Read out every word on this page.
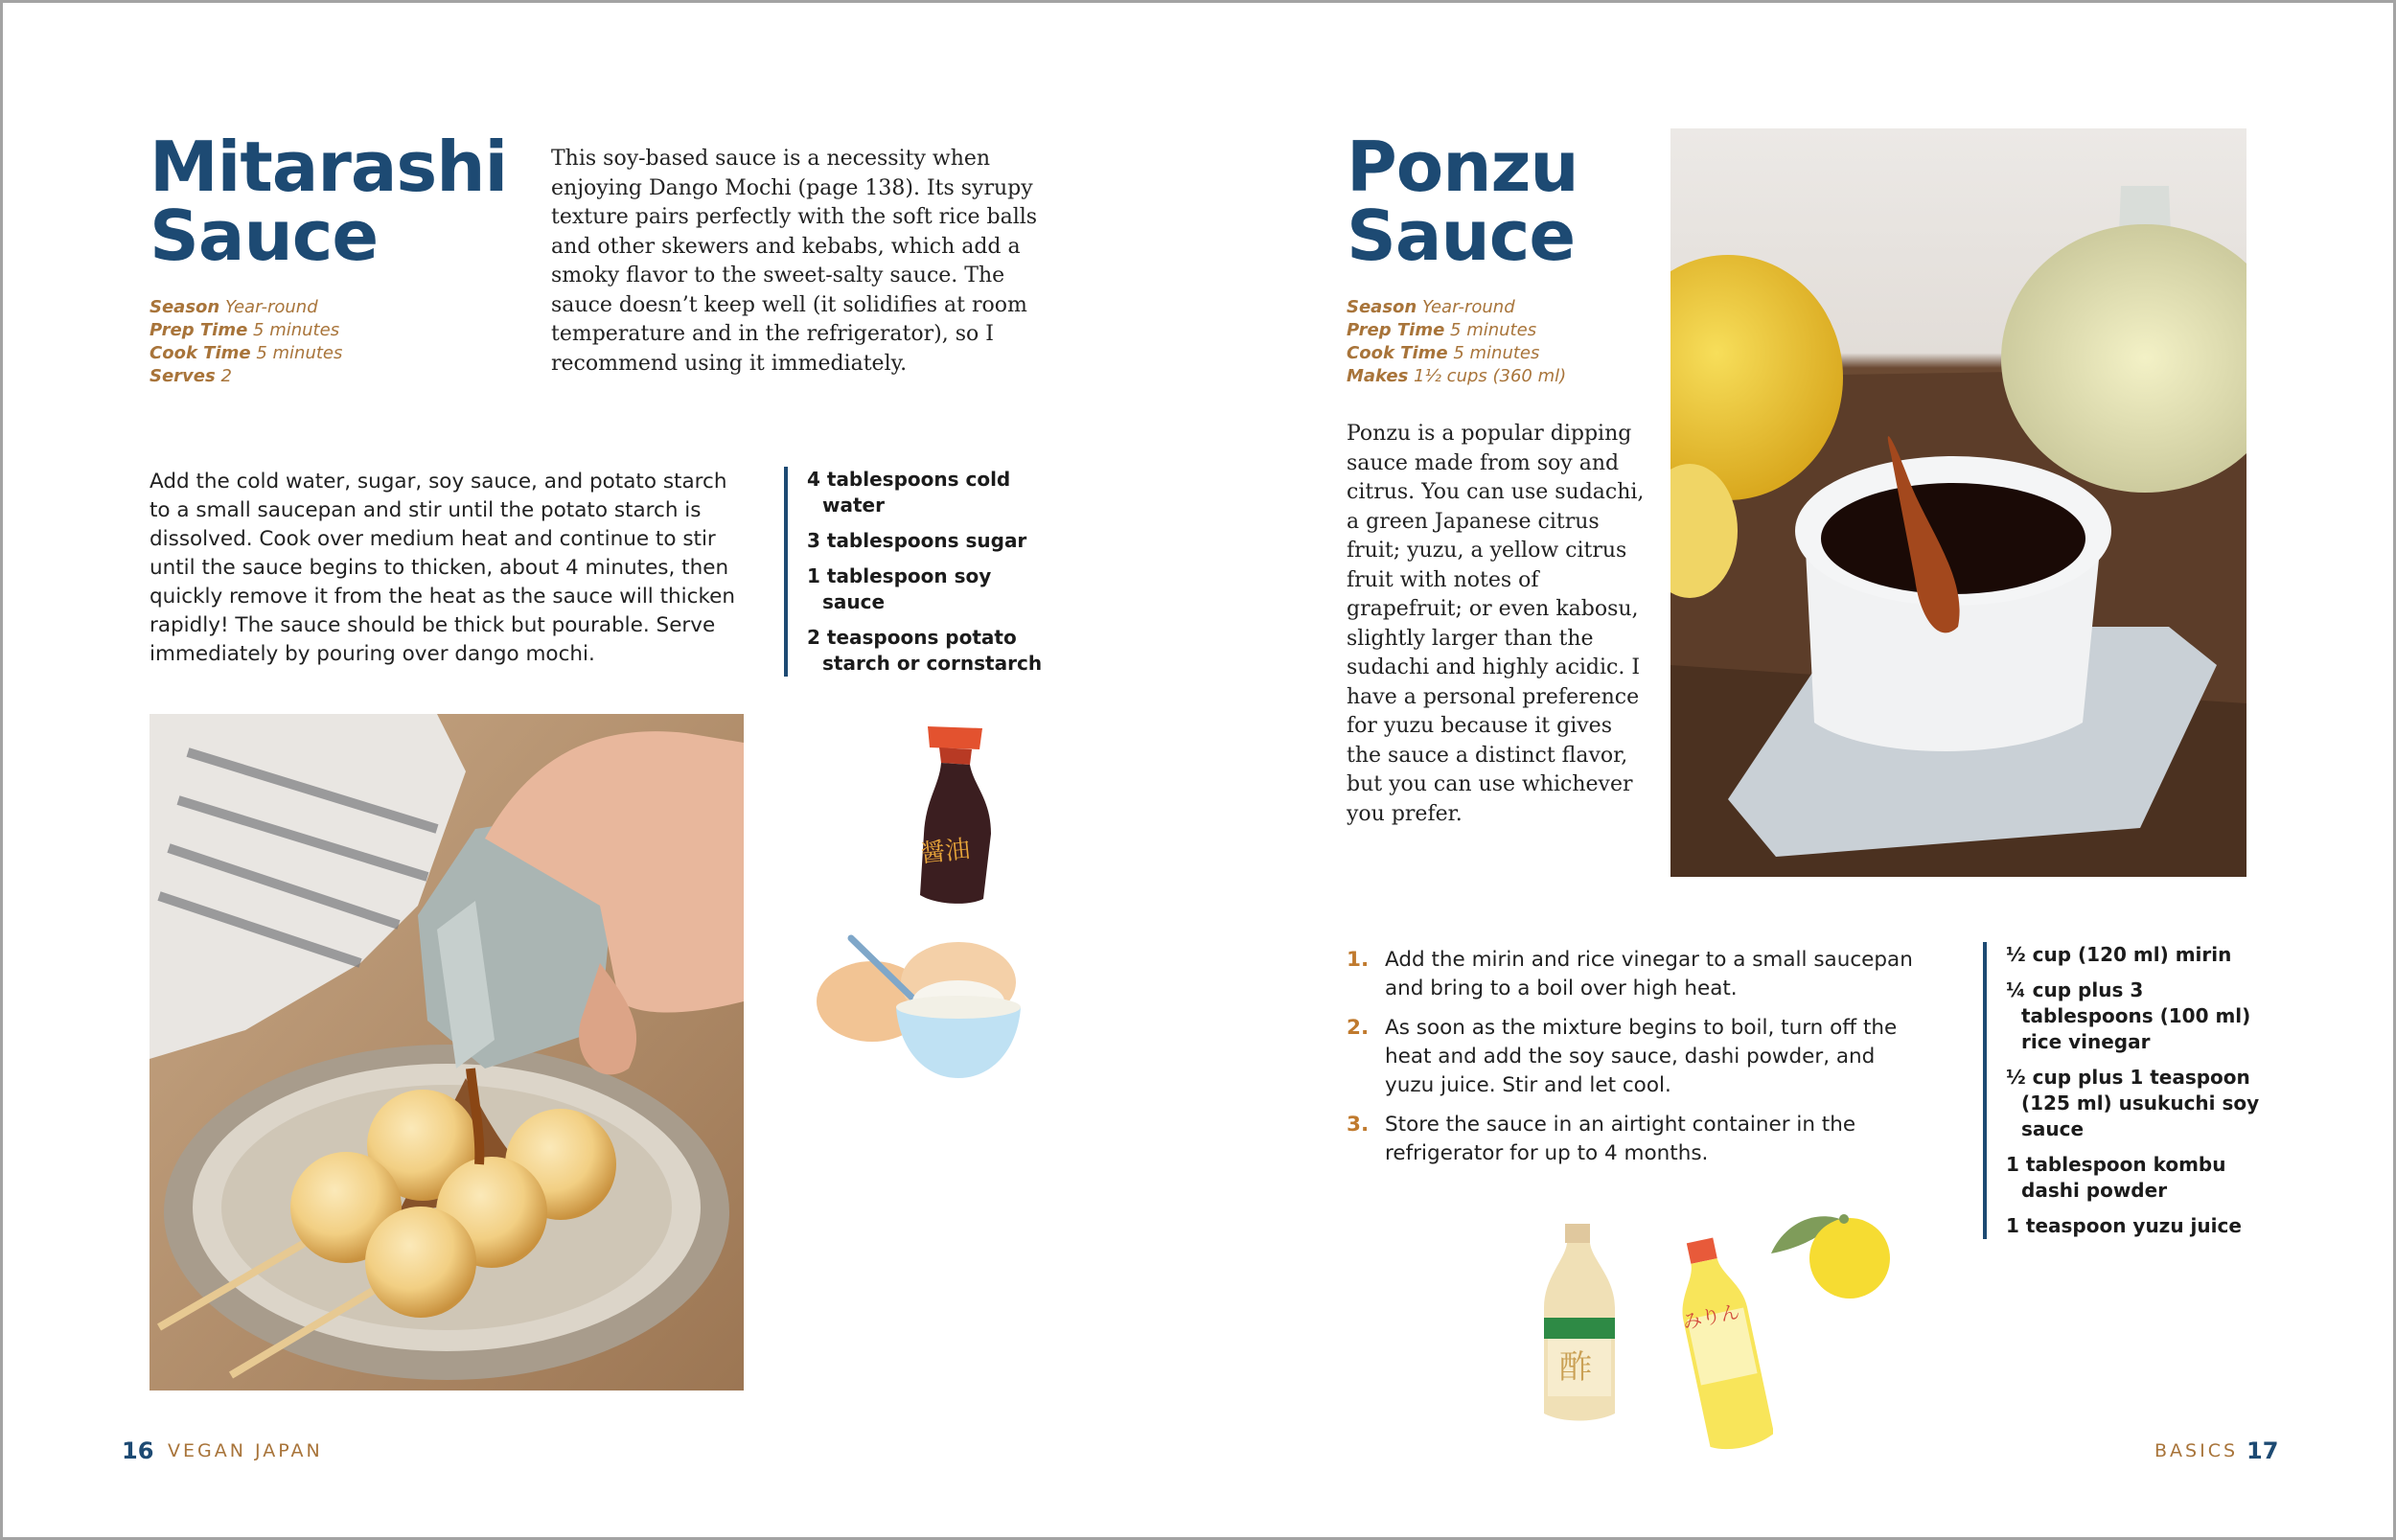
Mitarashi
Sauce
Season Year-round
Prep Time 5 minutes
Cook Time 5 minutes
Serves 2
This soy-based sauce is a necessity when enjoying Dango Mochi (page 138). Its syrupy texture pairs perfectly with the soft rice balls and other skewers and kebabs, which add a smoky flavor to the sweet-salty sauce. The sauce doesn’t keep well (it solidifies at room temperature and in the refrigerator), so I recommend using it immediately.
Add the cold water, sugar, soy sauce, and potato starch to a small saucepan and stir until the potato starch is dissolved. Cook over medium heat and continue to stir until the sauce begins to thicken, about 4 minutes, then quickly remove it from the heat as the sauce will thicken rapidly! The sauce should be thick but pourable. Serve immediately by pouring over dango mochi.
4 tablespoons cold water
3 tablespoons sugar
1 tablespoon soy sauce
2 teaspoons potato starch or cornstarch
醤油
16 VEGAN JAPAN
Ponzu
Sauce
Season Year-round
Prep Time 5 minutes
Cook Time 5 minutes
Makes 1½ cups (360 ml)
Ponzu is a popular dipping sauce made from soy and citrus. You can use sudachi, a green Japanese citrus fruit; yuzu, a yellow citrus fruit with notes of grapefruit; or even kabosu, slightly larger than the sudachi and highly acidic. I have a personal preference for yuzu because it gives the sauce a distinct flavor, but you can use whichever you prefer.
1. Add the mirin and rice vinegar to a small saucepan and bring to a boil over high heat.
2. As soon as the mixture begins to boil, turn off the heat and add the soy sauce, dashi powder, and yuzu juice. Stir and let cool.
3. Store the sauce in an airtight container in the refrigerator for up to 4 months.
½ cup (120 ml) mirin
¼ cup plus 3 tablespoons (100 ml) rice vinegar
½ cup plus 1 teaspoon (125 ml) usukuchi soy sauce
1 tablespoon kombu dashi powder
1 teaspoon yuzu juice
酢
みりん
BASICS 17
